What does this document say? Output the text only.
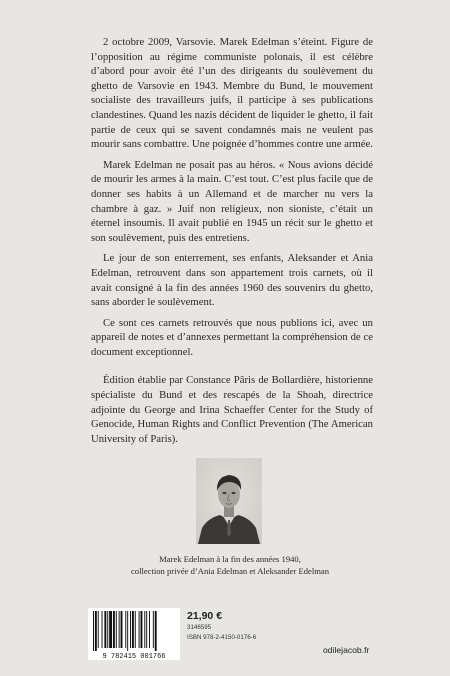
2 octobre 2009, Varsovie. Marek Edelman s’éteint. Figure de l’opposition au régime communiste polonais, il est célèbre d’abord pour avoir été l’un des dirigeants du soulèvement du ghetto de Varsovie en 1943. Membre du Bund, le mouvement socialiste des travailleurs juifs, il participe à ses publications clandestines. Quand les nazis décident de liquider le ghetto, il fait partie de ceux qui se savent condamnés mais ne veulent pas mourir sans combattre. Une poignée d’hommes contre une armée.

Marek Edelman ne posait pas au héros. « Nous avions décidé de mourir les armes à la main. C’est tout. C’est plus facile que de donner ses habits à un Allemand et de marcher nu vers la chambre à gaz. » Juif non religieux, non sioniste, c’était un éternel insoumis. Il avait publié en 1945 un récit sur le ghetto et son soulèvement, puis des entretiens.

Le jour de son enterrement, ses enfants, Aleksander et Ania Edelman, retrouvent dans son appartement trois carnets, où il avait consigné à la fin des années 1960 des souvenirs du ghetto, sans aborder le soulèvement.

Ce sont ces carnets retrouvés que nous publions ici, avec un appareil de notes et d’annexes permettant la compréhension de ce document exceptionnel.

Édition établie par Constance Pâris de Bollardière, historienne spécialiste du Bund et des rescapés de la Shoah, directrice adjointe du George and Irina Schaeffer Center for the Study of Genocide, Human Rights and Conflict Prevention (The American University of Paris).

Marek Edelman à la fin des années 1940,
collection privée d’Ania Edelman et Aleksander Edelman
9 782415 001766
21,90 €
3146595
ISBN 978-2-4150-0176-6
odilejacob.fr
